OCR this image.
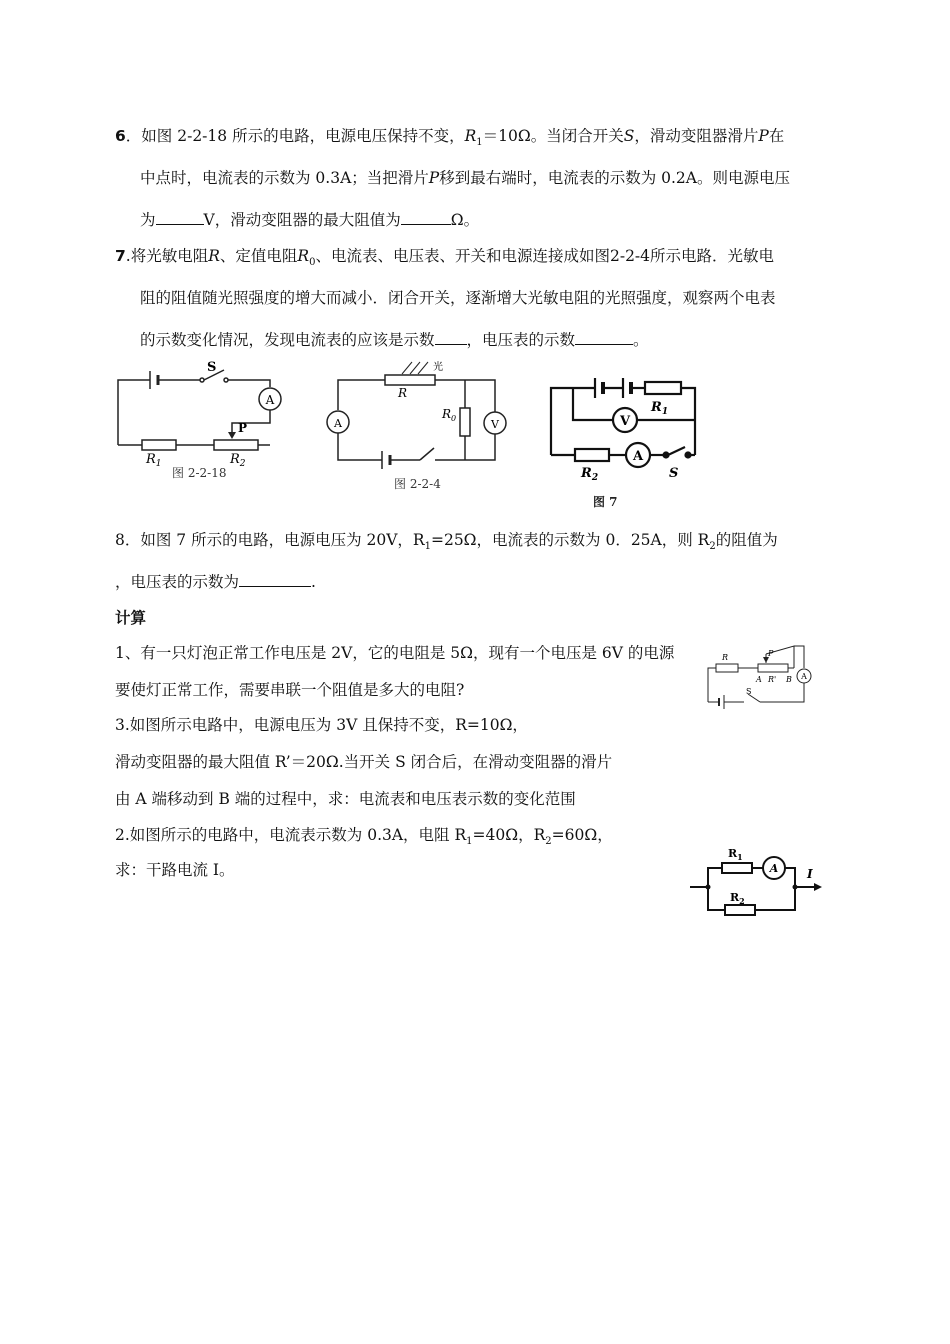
6．如图 2-2-18 所示的电路，电源电压保持不变，$R_1=10\Omega$。当闭合开关S，滑动变阻器滑片P在
中点时，电流表的示数为 0.3A；当把滑片P移到最右端时，电流表的示数为 0.2A。则电源电压
为	V，滑动变阻器的最大阻值为	Ω。
7.将光敏电阻R、定值电阻$R_0$、电流表、电压表、开关和电源连接成如图2-2-4所示电路．光敏电
阻的阻值随光照强度的增大而减小．闭合开关，逐渐增大光敏电阻的光照强度，观察两个电表
的示数变化情况，发现电流表的应该是示数 ，电压表的示数	。
S
A
P
$R_1$	$R_2$
图 2-2-18
光
R
$R_0$
A	V
图 2-2-4
$R_1$
V
$R_2$
A
S
图 7
8．如图 7 所示的电路，电源电压为 20V，$R_1=25\Omega$，电流表的示数为 0．25A，则 $R_2$的阻值为
，电压表的示数为	.
计算
1、有一只灯泡正常工作电压是 2V，它的电阻是 5Ω，现有一个电压是 6V 的电源
要使灯正常工作，需要串联一个阻值是多大的电阻?
3.如图所示电路中，电源电压为 3V 且保持不变，R=10Ω，
滑动变阻器的最大阻值 R’＝20Ω.当开关 S 闭合后，在滑动变阻器的滑片
由 A 端移动到 B 端的过程中，求：电流表和电压表示数的变化范围
R	P
A R' B
S
A
2.如图所示的电路中，电流表示数为 0.3A，电阻 $R_1=40\Omega$，$R_2=60\Omega$，
求：干路电流 I。
$R_1$
A I
$R_2$
